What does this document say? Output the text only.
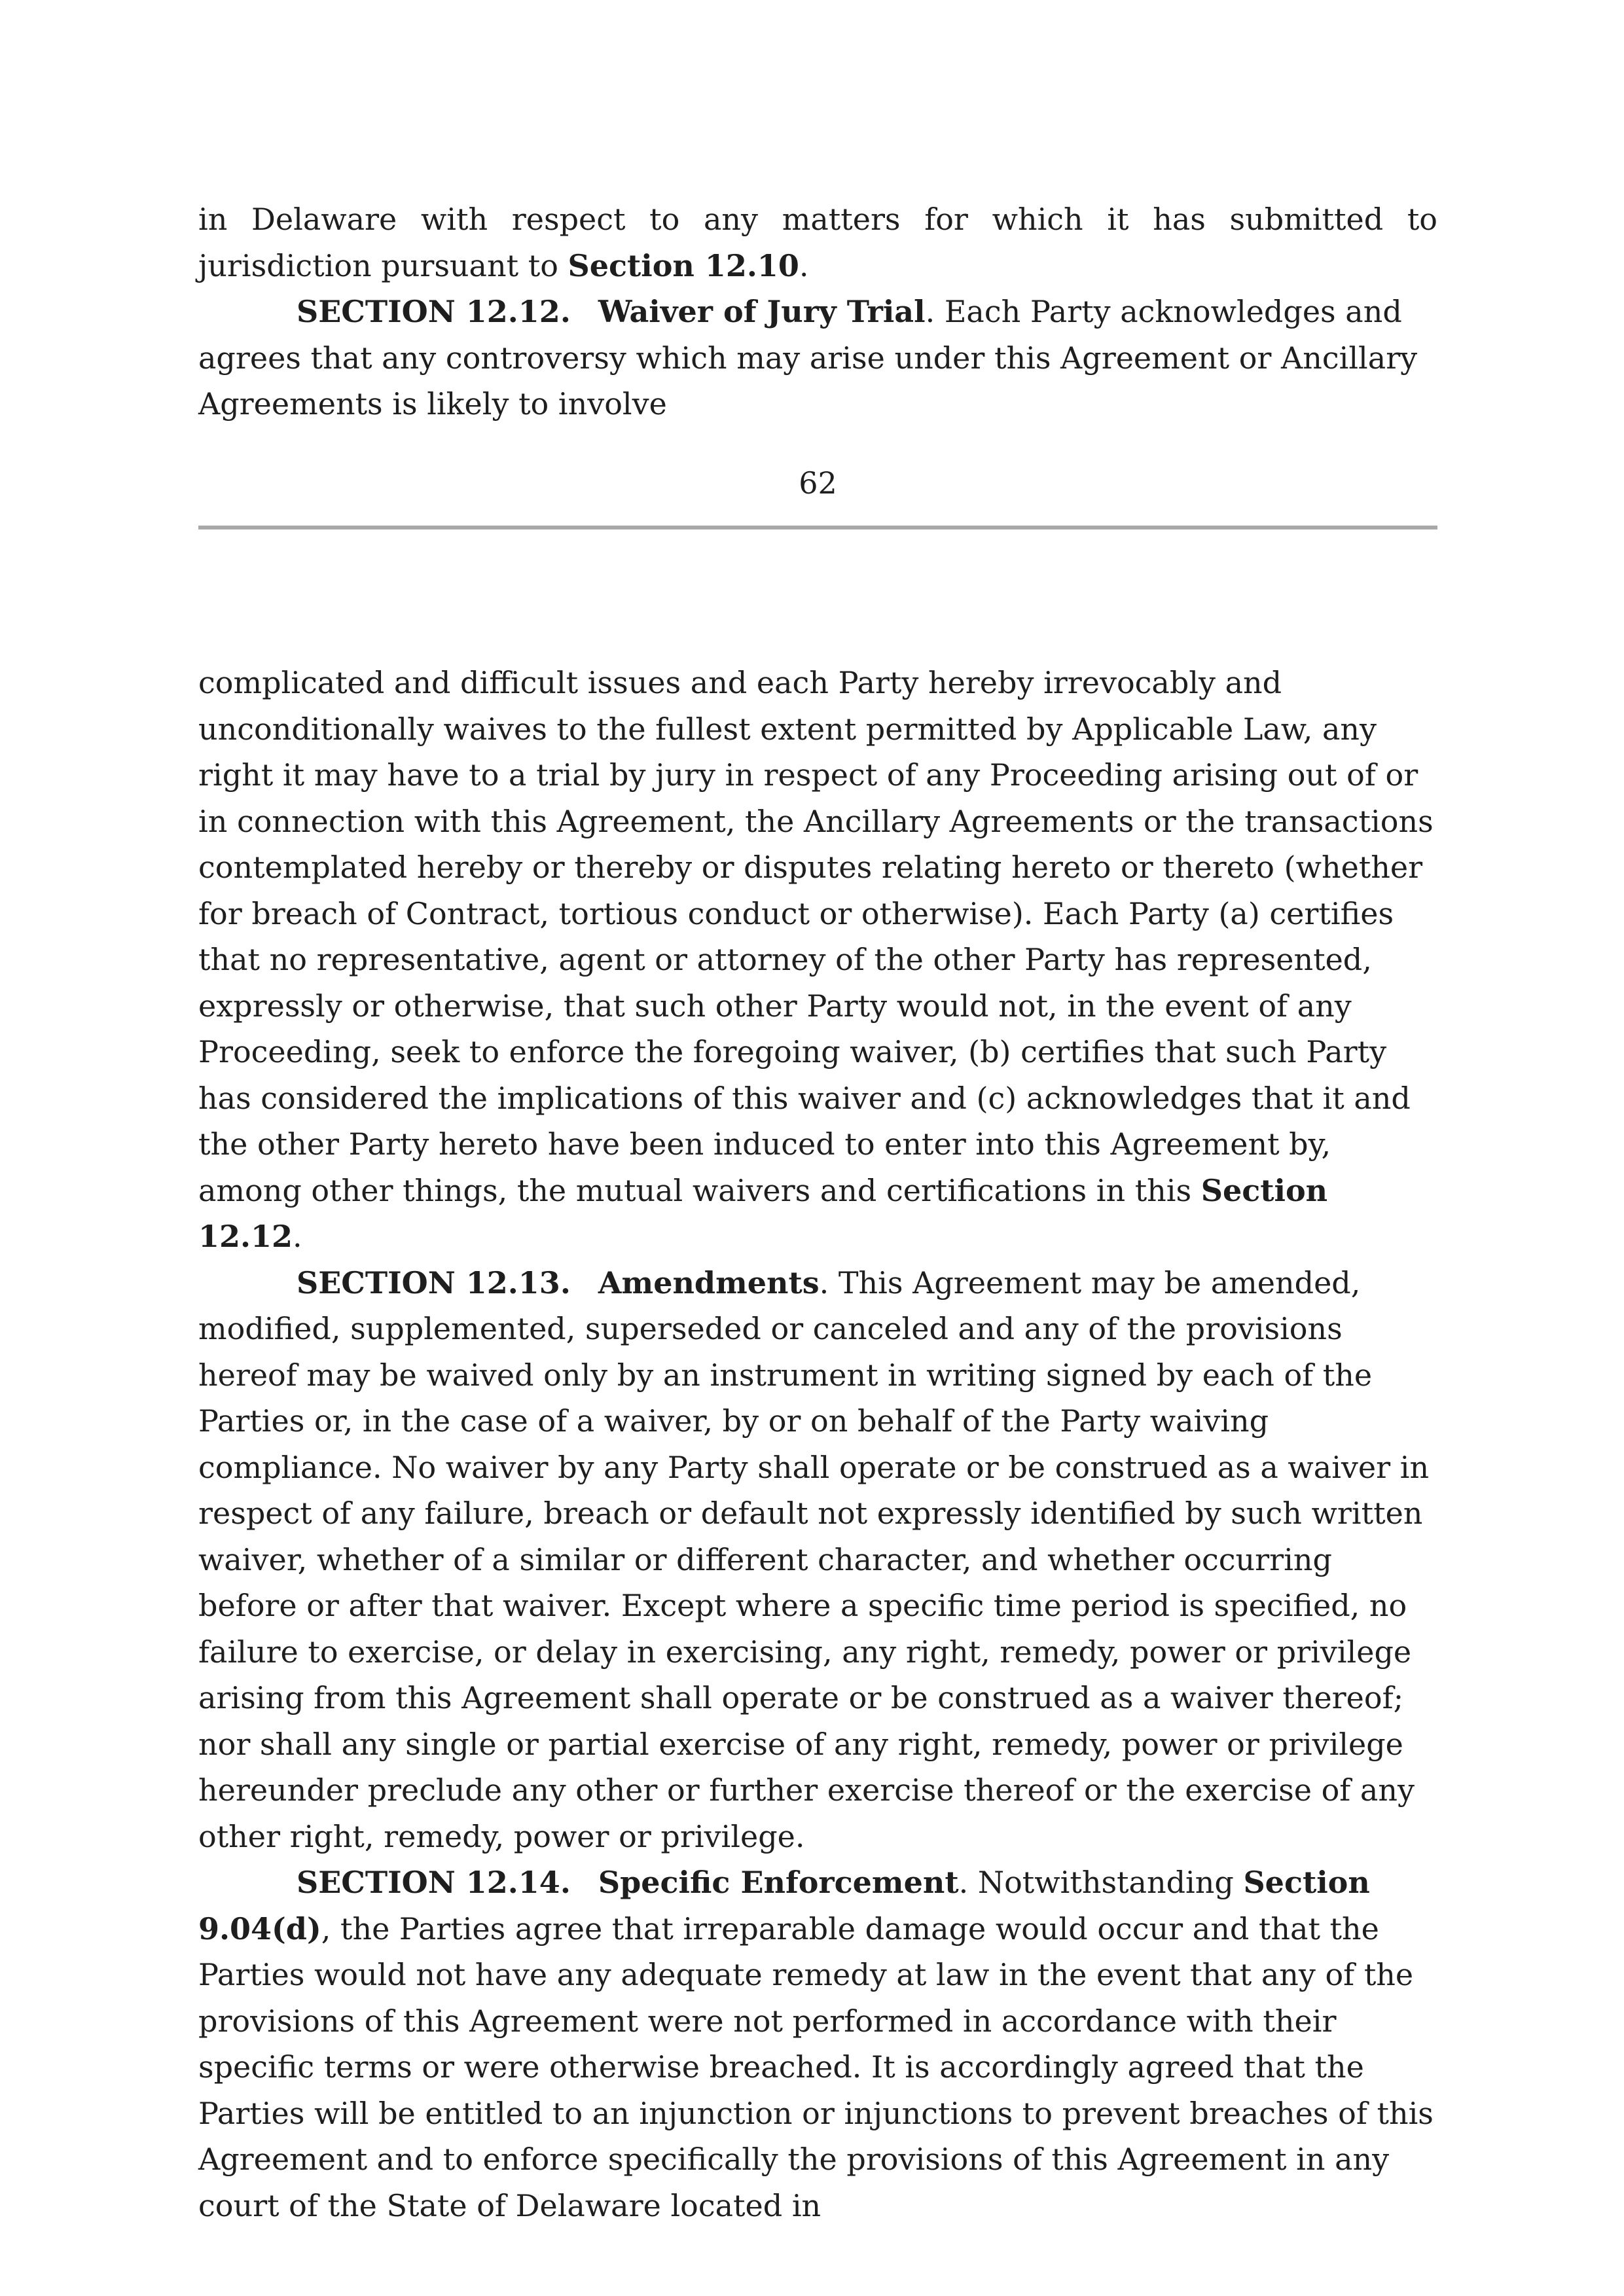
in Delaware with respect to any matters for which it has submitted to jurisdiction pursuant to Section 12.10.

SECTION 12.12. Waiver of Jury Trial. Each Party acknowledges and agrees that any controversy which may arise under this Agreement or Ancillary Agreements is likely to involve

62

complicated and difficult issues and each Party hereby irrevocably and unconditionally waives to the fullest extent permitted by Applicable Law, any right it may have to a trial by jury in respect of any Proceeding arising out of or in connection with this Agreement, the Ancillary Agreements or the transactions contemplated hereby or thereby or disputes relating hereto or thereto (whether for breach of Contract, tortious conduct or otherwise). Each Party (a) certifies that no representative, agent or attorney of the other Party has represented, expressly or otherwise, that such other Party would not, in the event of any Proceeding, seek to enforce the foregoing waiver, (b) certifies that such Party has considered the implications of this waiver and (c) acknowledges that it and the other Party hereto have been induced to enter into this Agreement by, among other things, the mutual waivers and certifications in this Section 12.12.

SECTION 12.13. Amendments. This Agreement may be amended, modified, supplemented, superseded or canceled and any of the provisions hereof may be waived only by an instrument in writing signed by each of the Parties or, in the case of a waiver, by or on behalf of the Party waiving compliance. No waiver by any Party shall operate or be construed as a waiver in respect of any failure, breach or default not expressly identified by such written waiver, whether of a similar or different character, and whether occurring before or after that waiver. Except where a specific time period is specified, no failure to exercise, or delay in exercising, any right, remedy, power or privilege arising from this Agreement shall operate or be construed as a waiver thereof; nor shall any single or partial exercise of any right, remedy, power or privilege hereunder preclude any other or further exercise thereof or the exercise of any other right, remedy, power or privilege.

SECTION 12.14. Specific Enforcement. Notwithstanding Section 9.04(d), the Parties agree that irreparable damage would occur and that the Parties would not have any adequate remedy at law in the event that any of the provisions of this Agreement were not performed in accordance with their specific terms or were otherwise breached. It is accordingly agreed that the Parties will be entitled to an injunction or injunctions to prevent breaches of this Agreement and to enforce specifically the provisions of this Agreement in any court of the State of Delaware located in
